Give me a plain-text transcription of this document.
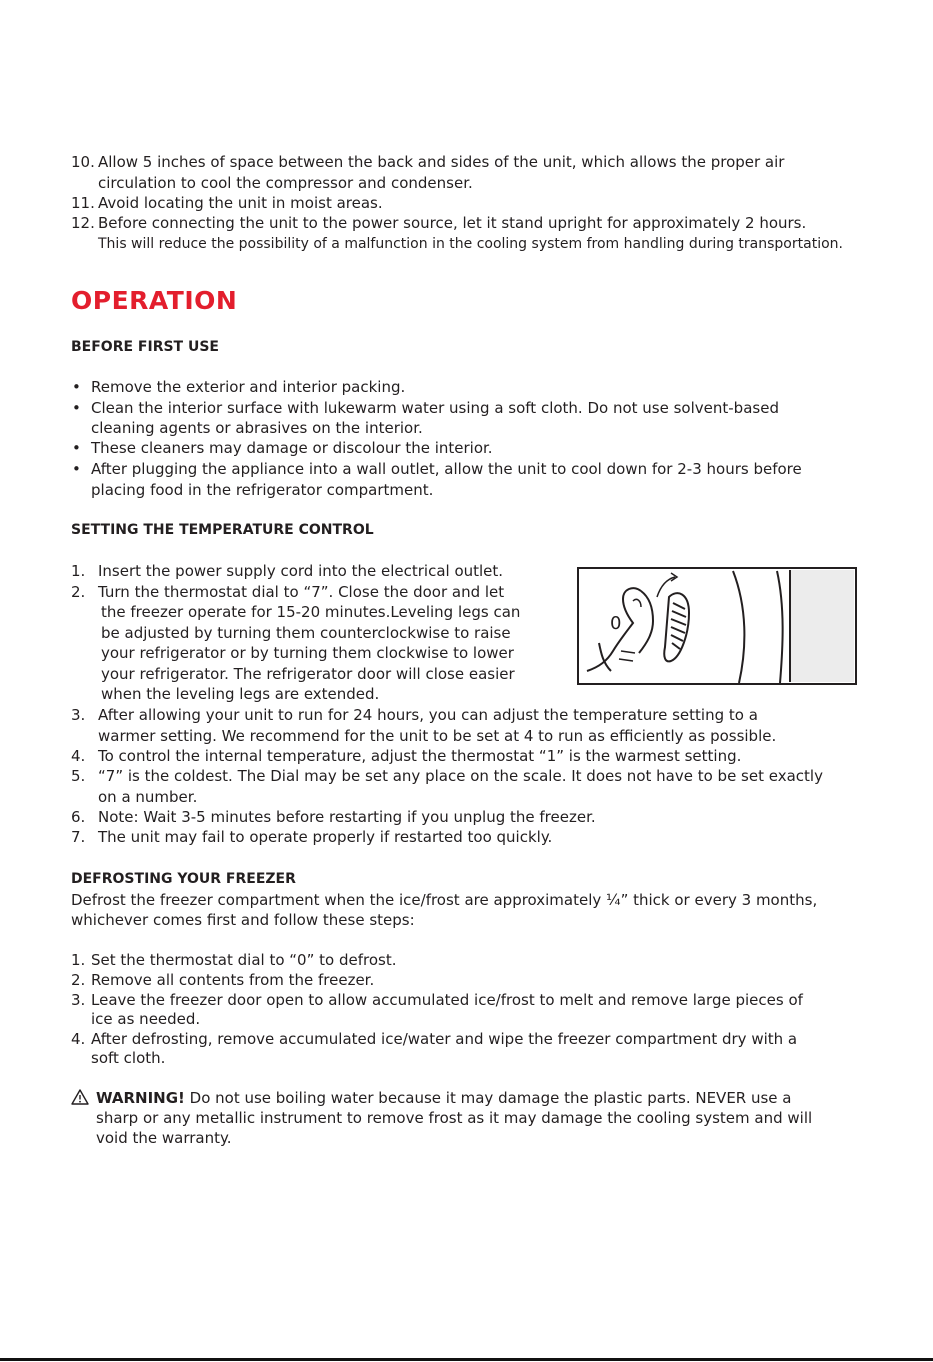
10. Allow 5 inches of space between the back and sides of the unit, which allows the proper air
circulation to cool the compressor and condenser.
11. Avoid locating the unit in moist areas.
12. Before connecting the unit to the power source, let it stand upright for approximately 2 hours.
This will reduce the possibility of a malfunction in the cooling system from handling during transportation.
OPERATION
BEFORE FIRST USE
• Remove the exterior and interior packing.
• Clean the interior surface with lukewarm water using a soft cloth. Do not use solvent-based
cleaning agents or abrasives on the interior.
• These cleaners may damage or discolour the interior.
• After plugging the appliance into a wall outlet, allow the unit to cool down for 2-3 hours before
placing food in the refrigerator compartment.
SETTING THE TEMPERATURE CONTROL
1. Insert the power supply cord into the electrical outlet.
2. Turn the thermostat dial to “7”. Close the door and let
the freezer operate for 15-20 minutes.Leveling legs can
be adjusted by turning them counterclockwise to raise
your refrigerator or by turning them clockwise to lower
your refrigerator. The refrigerator door will close easier
when the leveling legs are extended.
3. After allowing your unit to run for 24 hours, you can adjust the temperature setting to a
warmer setting. We recommend for the unit to be set at 4 to run as efficiently as possible.
4. To control the internal temperature, adjust the thermostat “1” is the warmest setting.
5. “7” is the coldest. The Dial may be set any place on the scale. It does not have to be set exactly
on a number.
6. Note: Wait 3-5 minutes before restarting if you unplug the freezer.
7. The unit may fail to operate properly if restarted too quickly.
0
DEFROSTING YOUR FREEZER
Defrost the freezer compartment when the ice/frost are approximately ¼” thick or every 3 months,
whichever comes first and follow these steps:
1. Set the thermostat dial to “0” to defrost.
2. Remove all contents from the freezer.
3. Leave the freezer door open to allow accumulated ice/frost to melt and remove large pieces of
ice as needed.
4. After defrosting, remove accumulated ice/water and wipe the freezer compartment dry with a
soft cloth.
WARNING! Do not use boiling water because it may damage the plastic parts. NEVER use a
sharp or any metallic instrument to remove frost as it may damage the cooling system and will
void the warranty.
